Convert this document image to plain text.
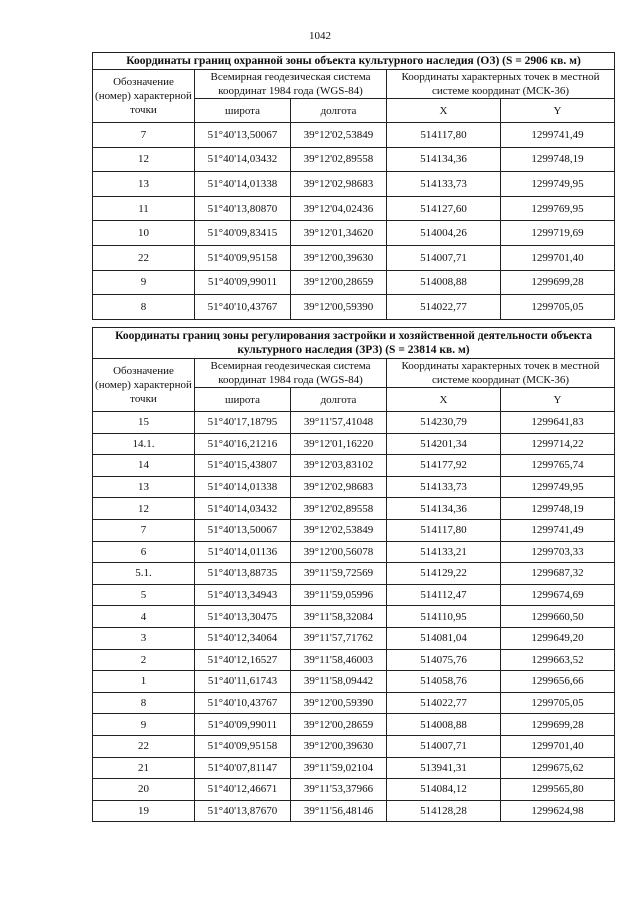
1042
Координаты границ охранной зоны объекта культурного наследия (ОЗ) (S = 2906 кв. м)				
Обозначение (номер) характерной точки	Всемирная геодезическая система координат 1984 года (WGS-84)		Координаты характерных точек в местной системе координат (МСК-36)	
	широта	долгота	X	Y
7	51°40'13,50067	39°12'02,53849	514117,80	1299741,49
12	51°40'14,03432	39°12'02,89558	514134,36	1299748,19
13	51°40'14,01338	39°12'02,98683	514133,73	1299749,95
11	51°40'13,80870	39°12'04,02436	514127,60	1299769,95
10	51°40'09,83415	39°12'01,34620	514004,26	1299719,69
22	51°40'09,95158	39°12'00,39630	514007,71	1299701,40
9	51°40'09,99011	39°12'00,28659	514008,88	1299699,28
8	51°40'10,43767	39°12'00,59390	514022,77	1299705,05
Координаты границ зоны регулирования застройки и хозяйственной деятельности объекта культурного наследия (ЗРЗ) (S = 23814 кв. м)				
Обозначение (номер) характерной точки	Всемирная геодезическая система координат 1984 года (WGS-84)		Координаты характерных точек в местной системе координат (МСК-36)	
	широта	долгота	X	Y
15	51°40'17,18795	39°11'57,41048	514230,79	1299641,83
14.1.	51°40'16,21216	39°12'01,16220	514201,34	1299714,22
14	51°40'15,43807	39°12'03,83102	514177,92	1299765,74
13	51°40'14,01338	39°12'02,98683	514133,73	1299749,95
12	51°40'14,03432	39°12'02,89558	514134,36	1299748,19
7	51°40'13,50067	39°12'02,53849	514117,80	1299741,49
6	51°40'14,01136	39°12'00,56078	514133,21	1299703,33
5.1.	51°40'13,88735	39°11'59,72569	514129,22	1299687,32
5	51°40'13,34943	39°11'59,05996	514112,47	1299674,69
4	51°40'13,30475	39°11'58,32084	514110,95	1299660,50
3	51°40'12,34064	39°11'57,71762	514081,04	1299649,20
2	51°40'12,16527	39°11'58,46003	514075,76	1299663,52
1	51°40'11,61743	39°11'58,09442	514058,76	1299656,66
8	51°40'10,43767	39°12'00,59390	514022,77	1299705,05
9	51°40'09,99011	39°12'00,28659	514008,88	1299699,28
22	51°40'09,95158	39°12'00,39630	514007,71	1299701,40
21	51°40'07,81147	39°11'59,02104	513941,31	1299675,62
20	51°40'12,46671	39°11'53,37966	514084,12	1299565,80
19	51°40'13,87670	39°11'56,48146	514128,28	1299624,98
